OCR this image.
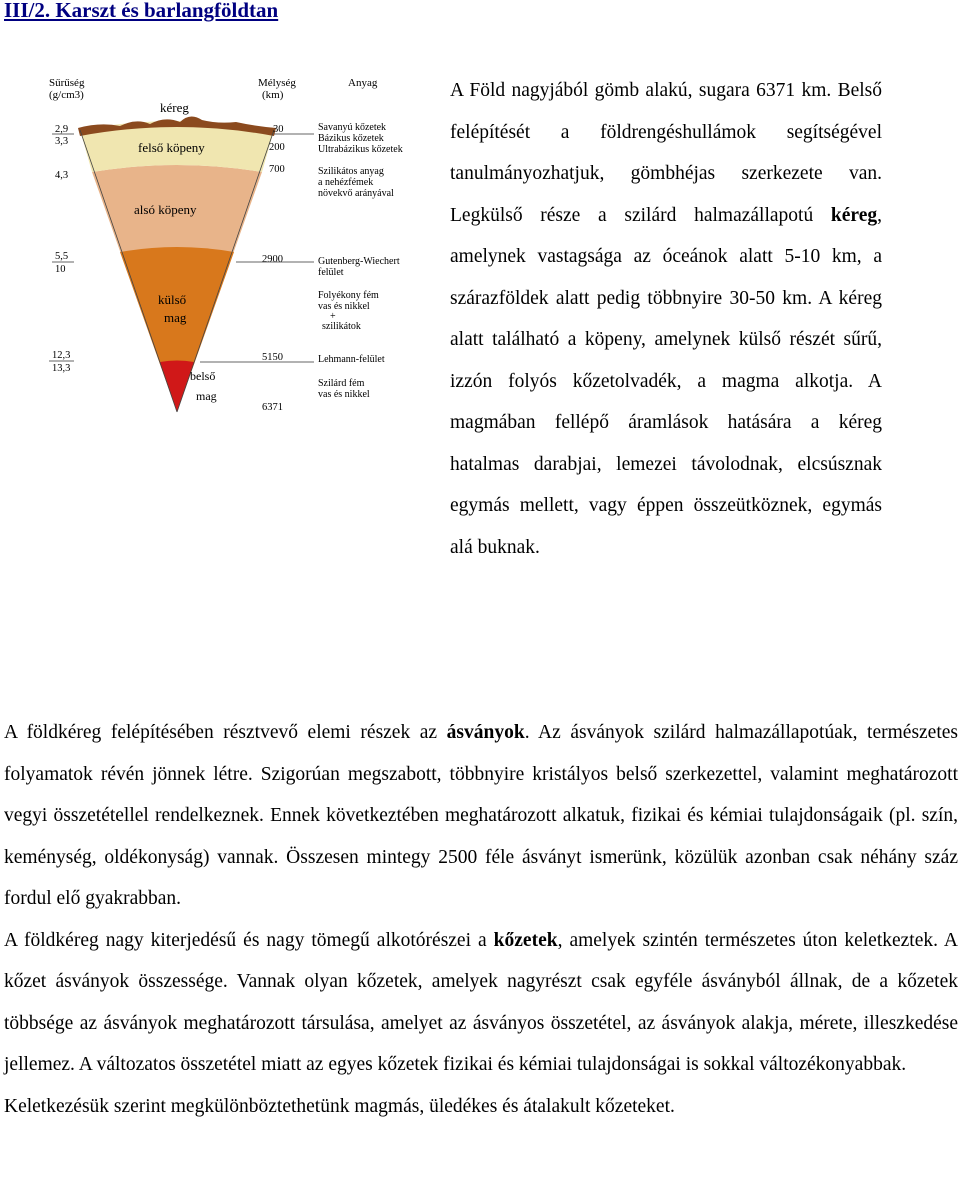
III/2. Karszt és barlangföldtan
Sűrűség
(g/cm3)
Mélység
(km)
Anyag
kéreg
felső köpeny
alsó köpeny
külső
mag
belső
mag
2,9
3,3
4,3
5,5
10
12,3
13,3
30
200
700
2900
5150
6371
Savanyú kőzetek
Bázikus kőzetek
Ultrabázikus kőzetek
Szilikátos anyag
a nehézfémek
növekvő arányával
Gutenberg-Wiechert
felület
Folyékony fém
vas és nikkel
+
szilikátok
Lehmann-felület
Szilárd fém
vas és nikkel
A Föld nagyjából gömb alakú, sugara 6371 km. Belső felépítését a földrengéshullámok segítségével tanulmányozhatjuk, gömbhéjas szerkezete van. Legkülső része a szilárd halmazállapotú kéreg, amelynek vastagsága az óceánok alatt 5-10 km, a szárazföldek alatt pedig többnyire 30-50 km. A kéreg alatt található a köpeny, amelynek külső részét sűrű, izzón folyós kőzetolvadék, a magma alkotja. A magmában fellépő áramlások hatására a kéreg hatalmas darabjai, lemezei távolodnak, elcsúsznak egymás mellett, vagy éppen összeütköznek, egymás alá buknak.

A földkéreg felépítésében résztvevő elemi részek az ásványok. Az ásványok szilárd halmazállapotúak, természetes folyamatok révén jönnek létre. Szigorúan megszabott, többnyire kristályos belső szerkezettel, valamint meghatározott vegyi összetétellel rendelkeznek. Ennek következtében meghatározott alkatuk, fizikai és kémiai tulajdonságaik (pl. szín, keménység, oldékonyság) vannak. Összesen mintegy 2500 féle ásványt ismerünk, közülük azonban csak néhány száz fordul elő gyakrabban.

A földkéreg nagy kiterjedésű és nagy tömegű alkotórészei a kőzetek, amelyek szintén természetes úton keletkeztek. A kőzet ásványok összessége. Vannak olyan kőzetek, amelyek nagyrészt csak egyféle ásványból állnak, de a kőzetek többsége az ásványok meghatározott társulása, amelyet az ásványos összetétel, az ásványok alakja, mérete, illeszkedése jellemez. A változatos összetétel miatt az egyes kőzetek fizikai és kémiai tulajdonságai is sokkal változékonyabbak.

Keletkezésük szerint megkülönböztethetünk magmás, üledékes és átalakult kőzeteket.
